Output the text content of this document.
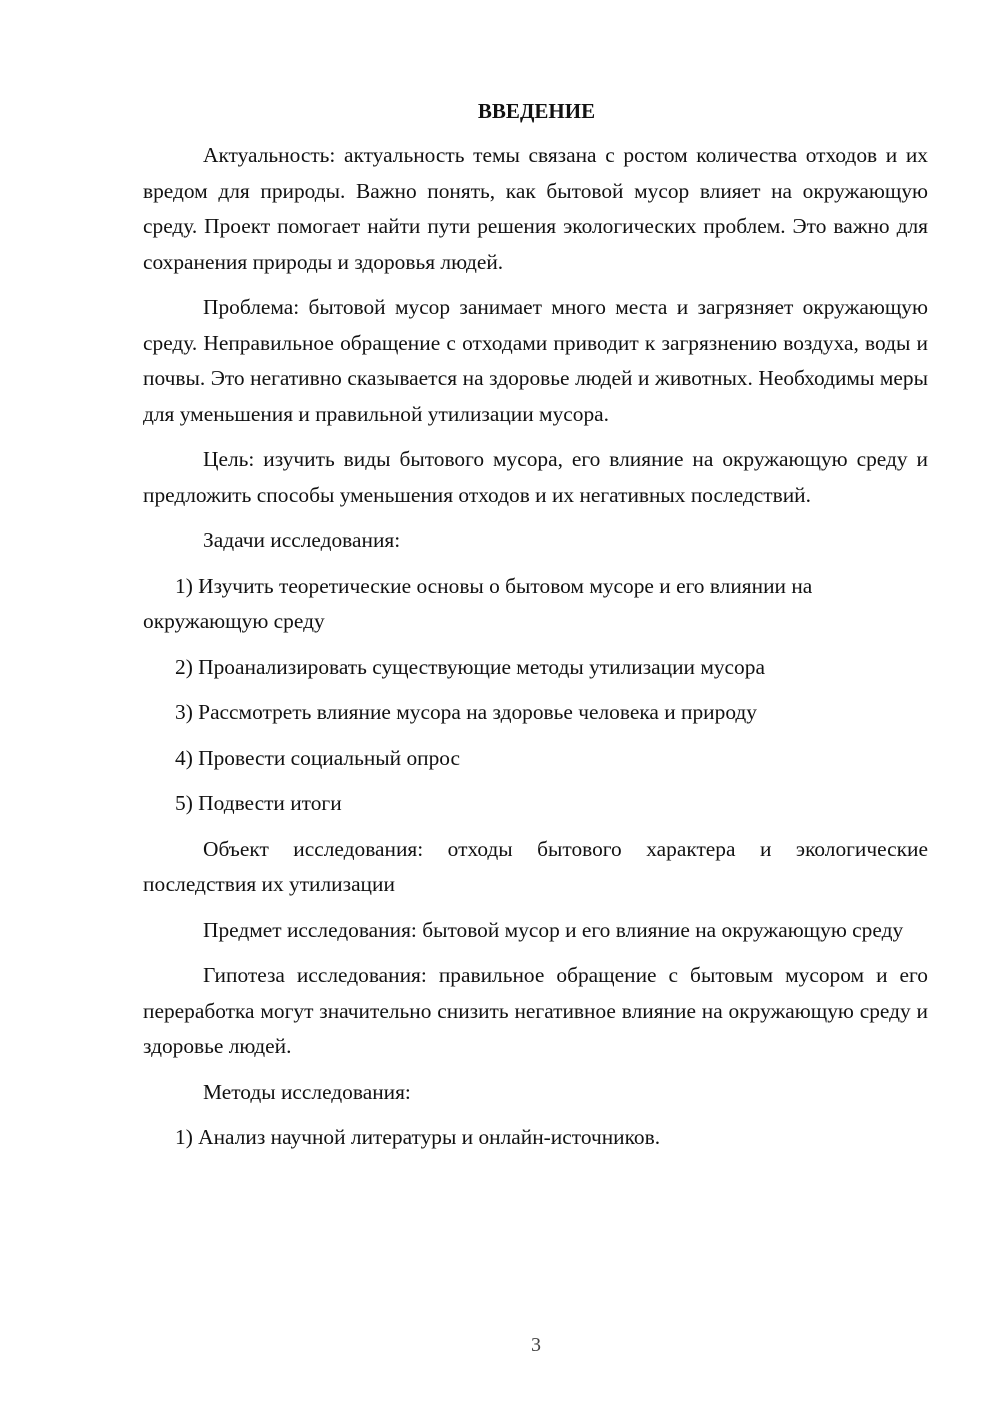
ВВЕДЕНИЕ

Актуальность: актуальность темы связана с ростом количества отходов и их вредом для природы. Важно понять, как бытовой мусор влияет на окружающую среду. Проект помогает найти пути решения экологических проблем. Это важно для сохранения природы и здоровья людей.

Проблема: бытовой мусор занимает много места и загрязняет окружающую среду. Неправильное обращение с отходами приводит к загрязнению воздуха, воды и почвы. Это негативно сказывается на здоровье людей и животных. Необходимы меры для уменьшения и правильной утилизации мусора.

Цель: изучить виды бытового мусора, его влияние на окружающую среду и предложить способы уменьшения отходов и их негативных последствий.

Задачи исследования:

1) Изучить теоретические основы о бытовом мусоре и его влиянии на окружающую среду

2) Проанализировать существующие методы утилизации мусора

3) Рассмотреть влияние мусора на здоровье человека и природу

4) Провести социальный опрос

5) Подвести итоги

Объект исследования: отходы бытового характера и экологические последствия их утилизации

Предмет исследования: бытовой мусор и его влияние на окружающую среду

Гипотеза исследования: правильное обращение с бытовым мусором и его переработка могут значительно снизить негативное влияние на окружающую среду и здоровье людей.

Методы исследования:

1) Анализ научной литературы и онлайн-источников.

3
